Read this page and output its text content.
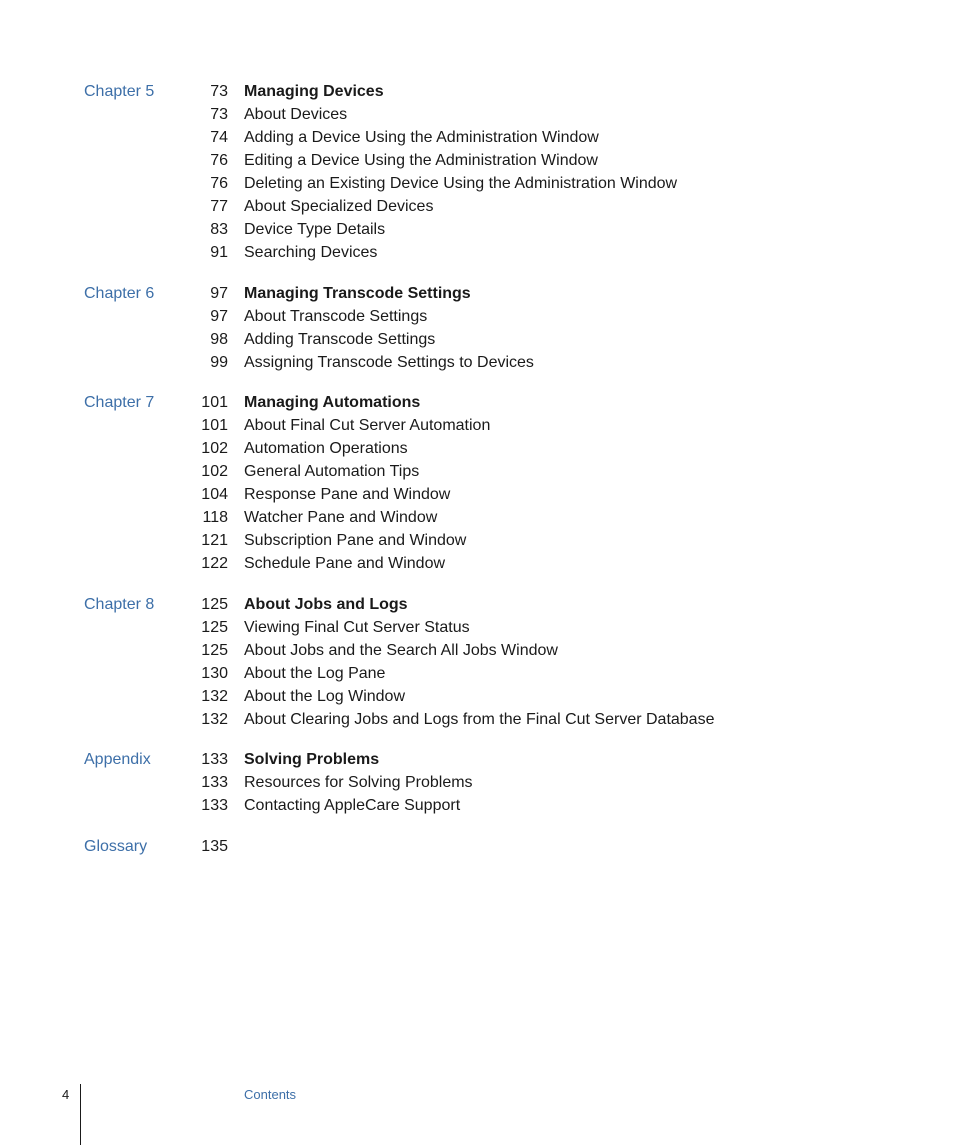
Chapter 5	73 Managing Devices
73 About Devices
74 Adding a Device Using the Administration Window
76 Editing a Device Using the Administration Window
76 Deleting an Existing Device Using the Administration Window
77 About Specialized Devices
83 Device Type Details
91 Searching Devices
Chapter 6	97 Managing Transcode Settings
97 About Transcode Settings
98 Adding Transcode Settings
99 Assigning Transcode Settings to Devices
Chapter 7	101 Managing Automations
101 About Final Cut Server Automation
102 Automation Operations
102 General Automation Tips
104 Response Pane and Window
118 Watcher Pane and Window
121 Subscription Pane and Window
122 Schedule Pane and Window
Chapter 8	125 About Jobs and Logs
125 Viewing Final Cut Server Status
125 About Jobs and the Search All Jobs Window
130 About the Log Pane
132 About the Log Window
132 About Clearing Jobs and Logs from the Final Cut Server Database
Appendix	133 Solving Problems
133 Resources for Solving Problems
133 Contacting AppleCare Support
Glossary	135
4	Contents
